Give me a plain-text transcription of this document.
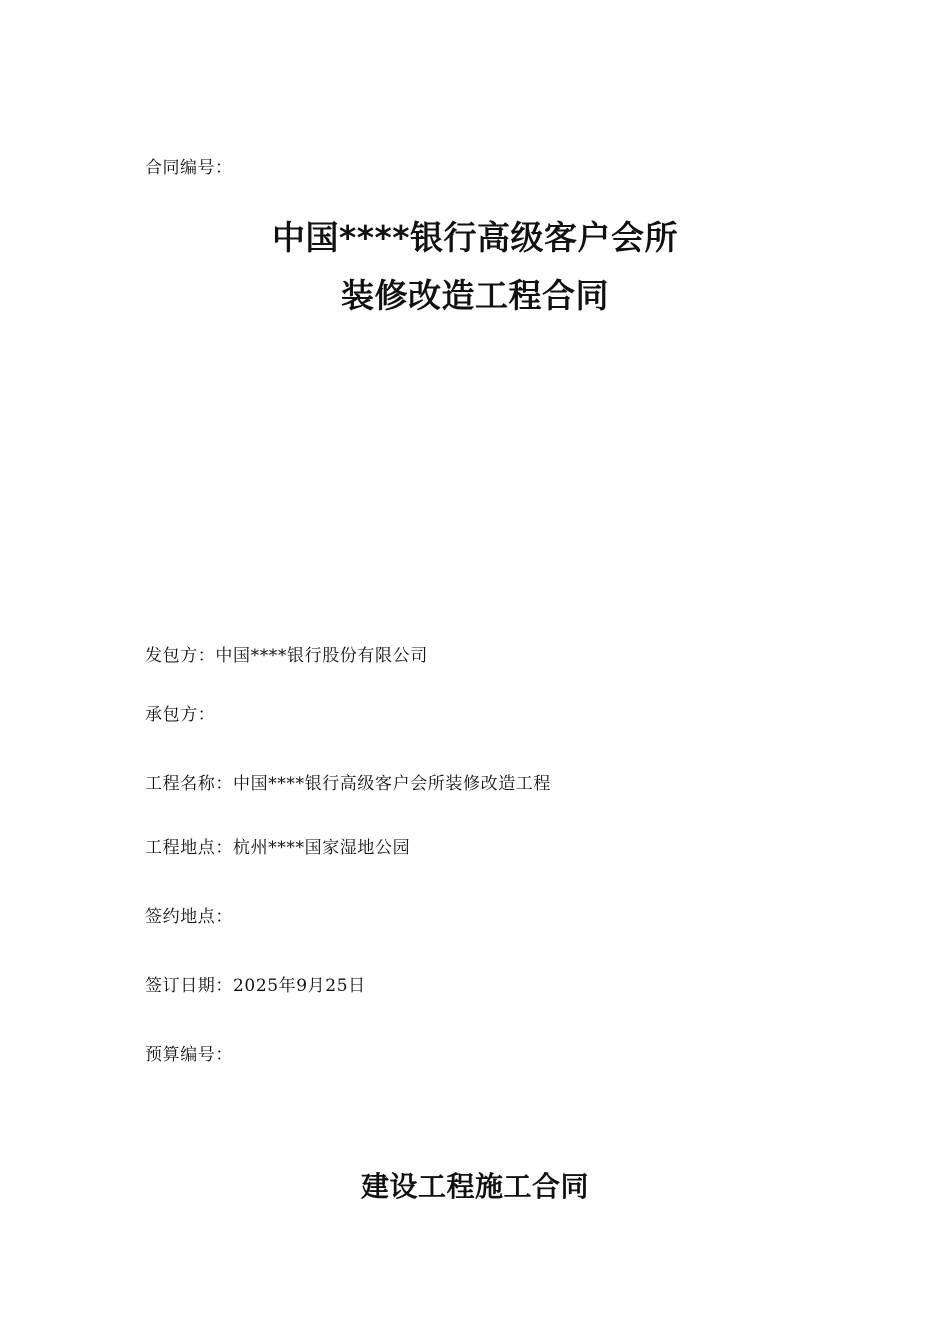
合同编号：
中国****银行高级客户会所
装修改造工程合同
发包方：中国****银行股份有限公司
承包方：
工程名称：中国****银行高级客户会所装修改造工程
工程地点：杭州****国家湿地公园
签约地点：
签订日期：2025年9月25日
预算编号：
建设工程施工合同
